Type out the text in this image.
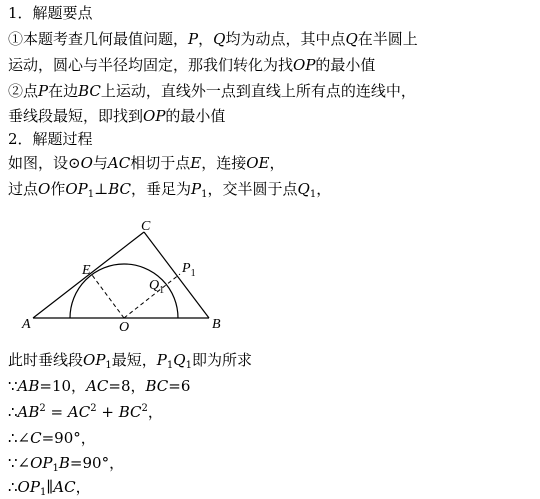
1．解题要点
①本题考查几何最值问题，P，Q均为动点，其中点Q在半圆上
运动，圆心与半径均固定，那我们转化为找OP的最小值
②点P在边BC上运动，直线外一点到直线上所有点的连线中，
垂线段最短，即找到OP的最小值
2．解题过程
如图，设⊙O与AC相切于点E，连接OE，
过点O作$OP_1\perp BC$，垂足为$P_1$，交半圆于点$Q_1$，
A	B
C
E
O
$P_1$
$Q_1$
此时垂线段$OP_1$最短，$P_1Q_1$即为所求
∵AB=10，AC=8，BC=6
$\therefore AB^2 = AC^2 + BC^2$，
∴∠C=90°，
$\because\angle OP_1B=90^\circ$，
$\therefore OP_1\parallel AC$，
